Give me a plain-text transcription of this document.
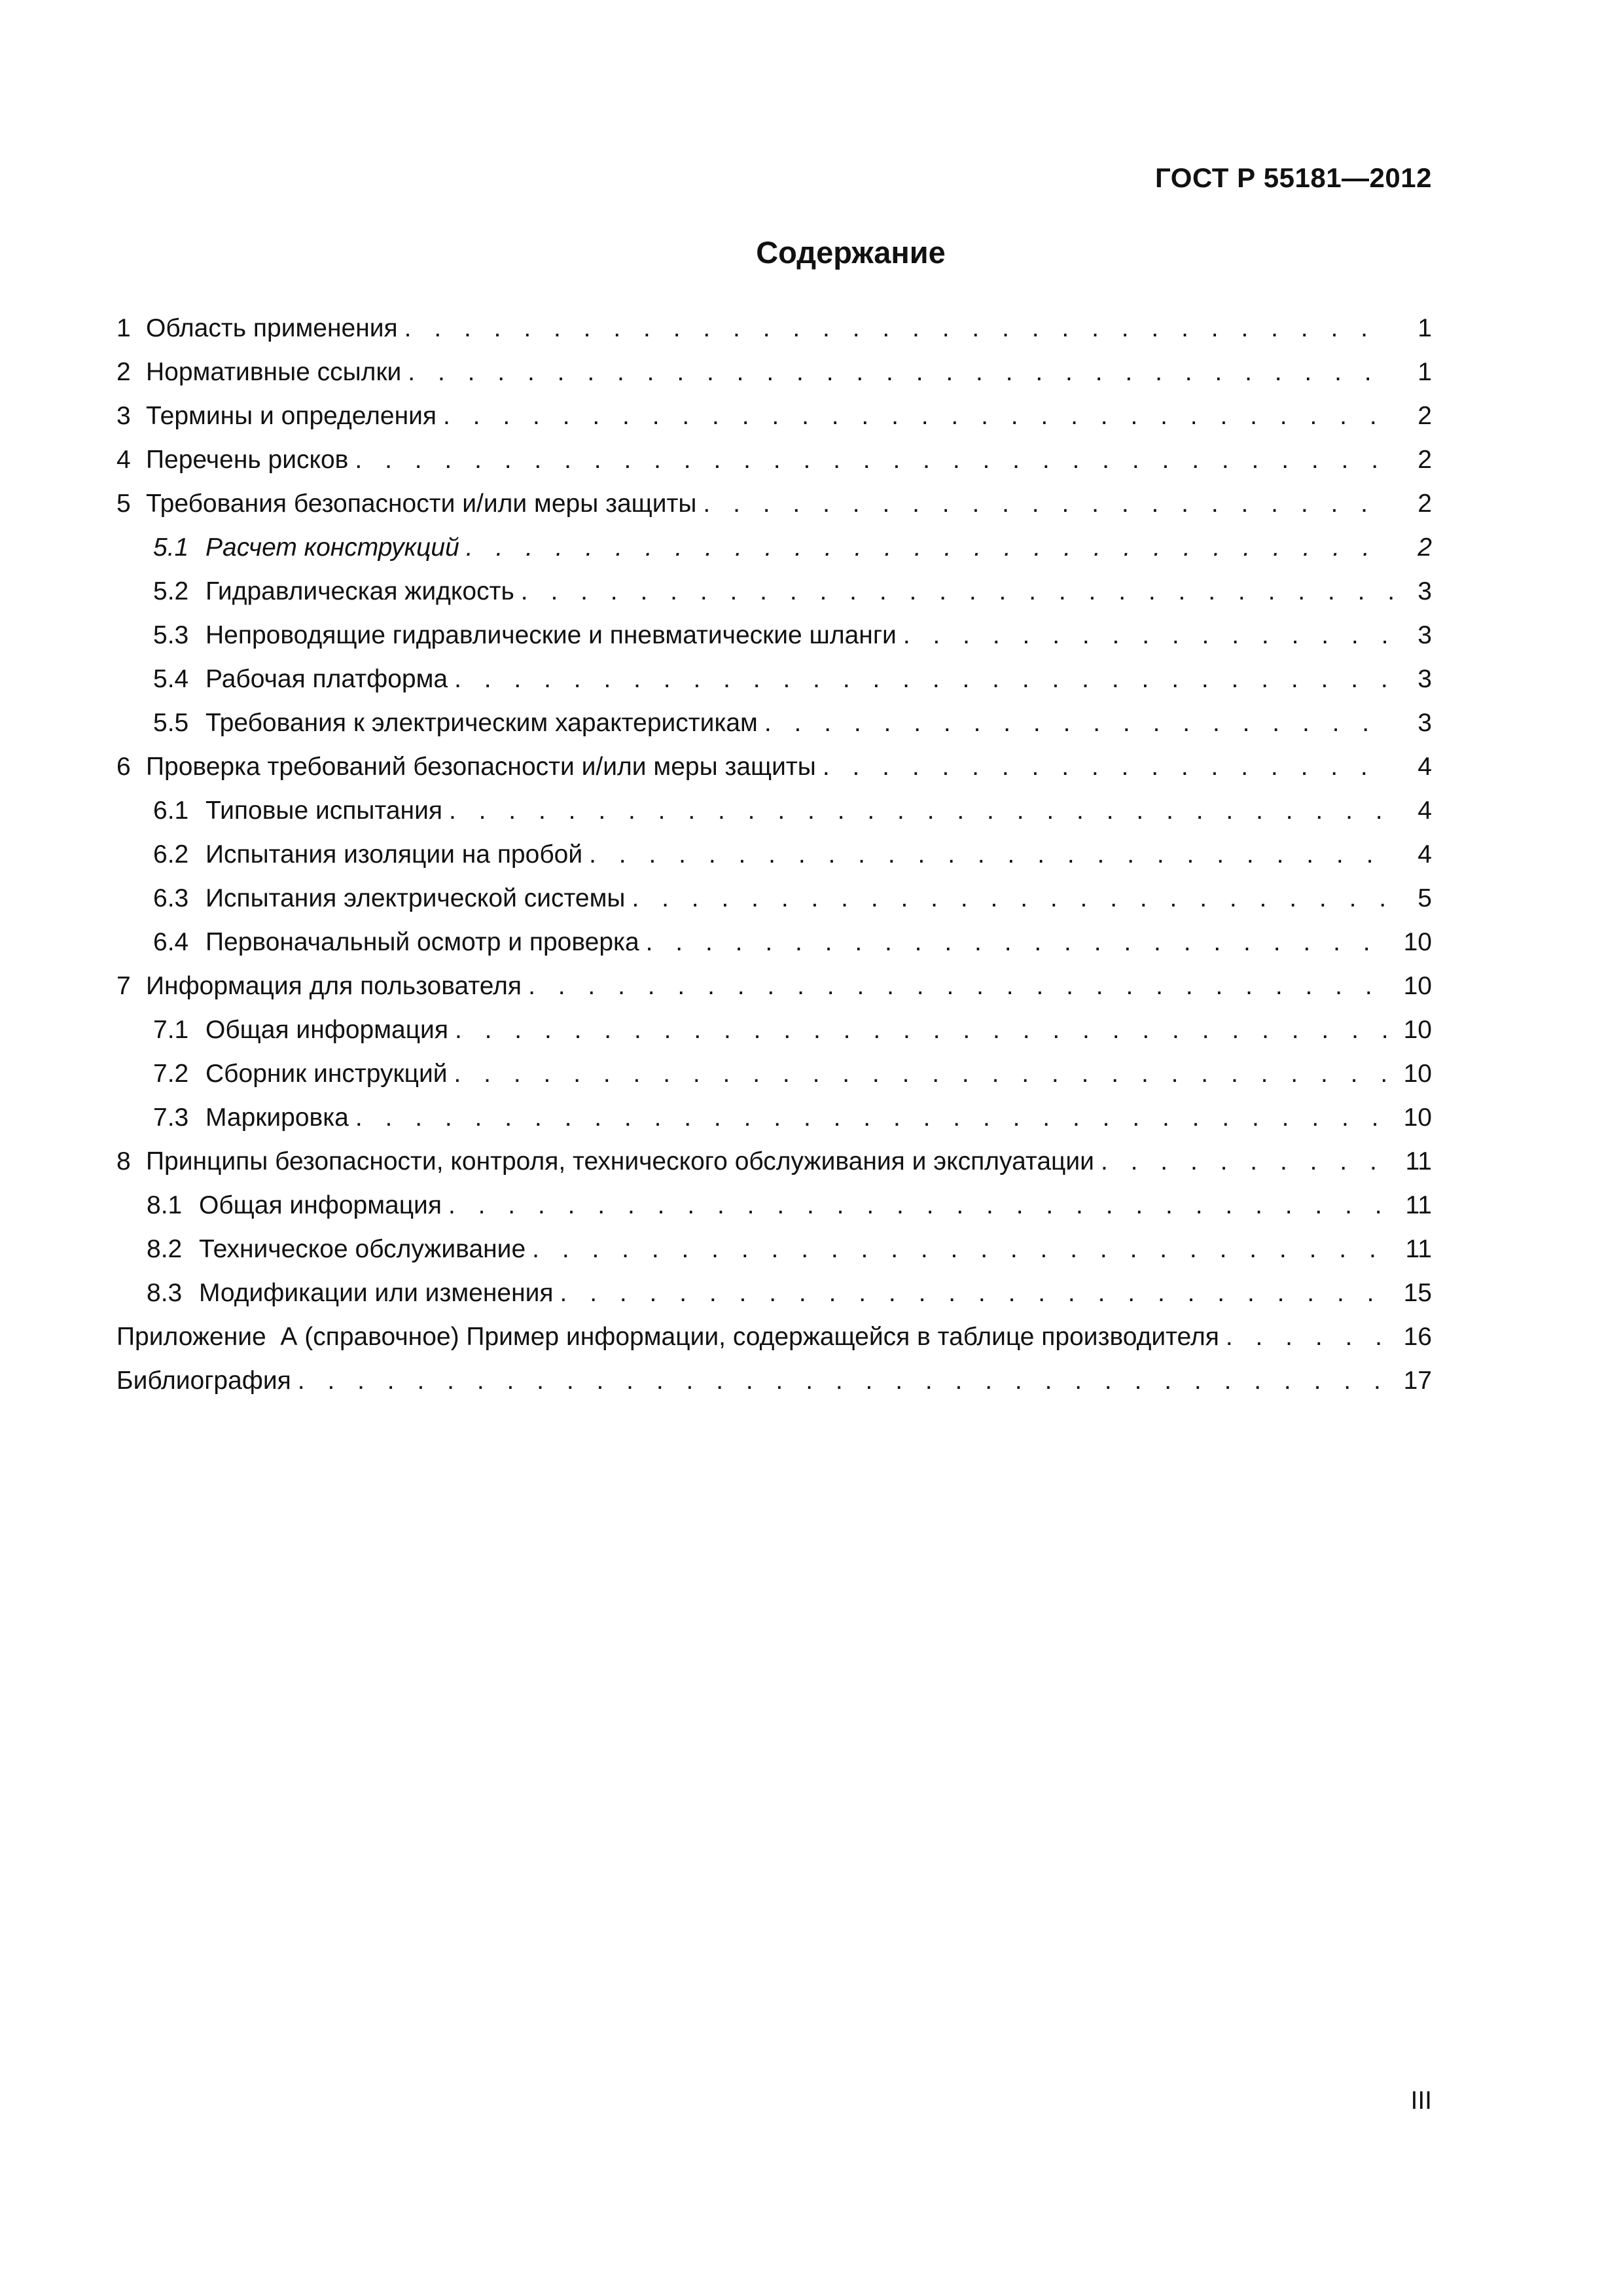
ГОСТ Р 55181—2012
Содержание
1 Область применения . . .	1
2 Нормативные ссылки . . .	1
3 Термины и определения . . .	2
4 Перечень рисков . . .	2
5 Требования безопасности и/или меры защиты . . .	2
5.1 Расчет конструкций . . .	2
5.2 Гидравлическая жидкость . . .	3
5.3 Непроводящие гидравлические и пневматические шланги . . .	3
5.4 Рабочая платформа . . .	3
5.5 Требования к электрическим характеристикам . . .	3
6 Проверка требований безопасности и/или меры защиты . . .	4
6.1 Типовые испытания . . .	4
6.2 Испытания изоляции на пробой . . .	4
6.3 Испытания электрической системы . . .	5
6.4 Первоначальный осмотр и проверка . . .	10
7 Информация для пользователя . . .	10
7.1 Общая информация . . .	10
7.2 Сборник инструкций . . .	10
7.3 Маркировка . . .	10
8 Принципы безопасности, контроля, технического обслуживания и эксплуатации . . .	11
8.1 Общая информация . . .	11
8.2 Техническое обслуживание . . .	11
8.3 Модификации или изменения . . .	15
Приложение  А (справочное) Пример информации, содержащейся в таблице производителя . . .	16
Библиография . . .	17
III
